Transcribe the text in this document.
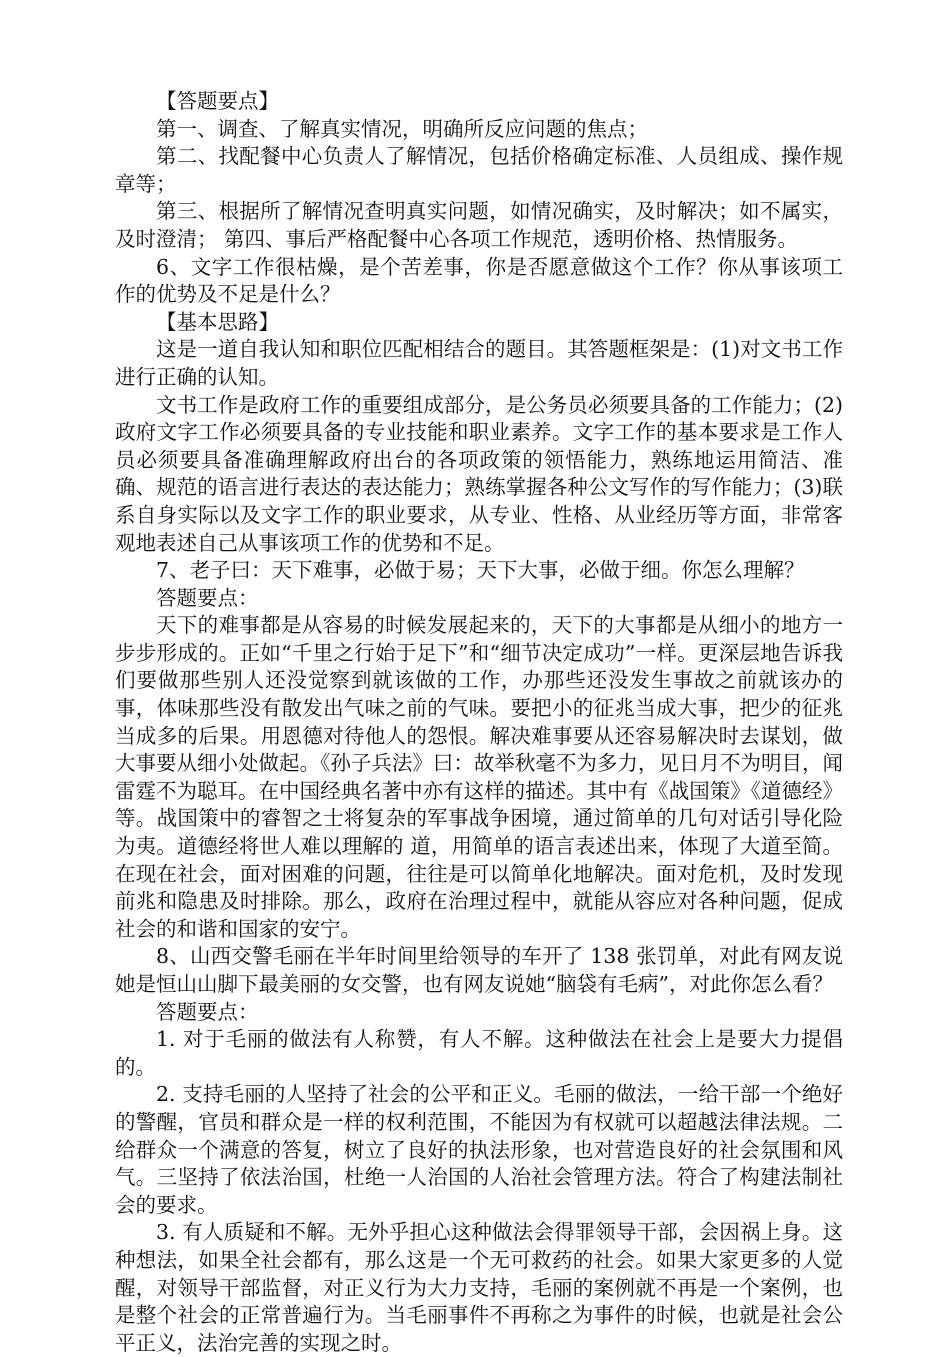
【答题要点】

第一、调查、了解真实情况，明确所反应问题的焦点；

第二、找配餐中心负责人了解情况，包括价格确定标准、人员组成、操作规章等；

第三、根据所了解情况查明真实问题，如情况确实，及时解决；如不属实，及时澄清； 第四、事后严格配餐中心各项工作规范，透明价格、热情服务。

6、文字工作很枯燥，是个苦差事，你是否愿意做这个工作？你从事该项工作的优势及不足是什么？

【基本思路】

这是一道自我认知和职位匹配相结合的题目。其答题框架是：(1)对文书工作进行正确的认知。

文书工作是政府工作的重要组成部分，是公务员必须要具备的工作能力；(2)政府文字工作必须要具备的专业技能和职业素养。文字工作的基本要求是工作人员必须要具备准确理解政府出台的各项政策的领悟能力，熟练地运用简洁、准确、规范的语言进行表达的表达能力；熟练掌握各种公文写作的写作能力；(3)联系自身实际以及文字工作的职业要求，从专业、性格、从业经历等方面，非常客观地表述自己从事该项工作的优势和不足。

7、老子曰：天下难事，必做于易；天下大事，必做于细。你怎么理解？

答题要点：

天下的难事都是从容易的时候发展起来的，天下的大事都是从细小的地方一步步形成的。正如“千里之行始于足下”和“细节决定成功”一样。更深层地告诉我们要做那些别人还没觉察到就该做的工作，办那些还没发生事故之前就该办的事，体味那些没有散发出气味之前的气味。要把小的征兆当成大事，把少的征兆当成多的后果。用恩德对待他人的怨恨。解决难事要从还容易解决时去谋划，做大事要从细小处做起。《孙子兵法》曰：故举秋毫不为多力，见日月不为明目，闻雷霆不为聪耳。在中国经典名著中亦有这样的描述。其中有《战国策》《道德经》等。战国策中的睿智之士将复杂的军事战争困境，通过简单的几句对话引导化险为夷。道德经将世人难以理解的 道，用简单的语言表述出来，体现了大道至简。在现在社会，面对困难的问题，往往是可以简单化地解决。面对危机，及时发现前兆和隐患及时排除。那么，政府在治理过程中，就能从容应对各种问题，促成社会的和谐和国家的安宁。

8、山西交警毛丽在半年时间里给领导的车开了 138 张罚单，对此有网友说她是恒山山脚下最美丽的女交警，也有网友说她“脑袋有毛病”，对此你怎么看？

答题要点：

1. 对于毛丽的做法有人称赞，有人不解。这种做法在社会上是要大力提倡的。

2. 支持毛丽的人坚持了社会的公平和正义。毛丽的做法，一给干部一个绝好的警醒，官员和群众是一样的权利范围，不能因为有权就可以超越法律法规。二给群众一个满意的答复，树立了良好的执法形象，也对营造良好的社会氛围和风气。三坚持了依法治国，杜绝一人治国的人治社会管理方法。符合了构建法制社会的要求。

3. 有人质疑和不解。无外乎担心这种做法会得罪领导干部，会因祸上身。这种想法，如果全社会都有，那么这是一个无可救药的社会。如果大家更多的人觉醒，对领导干部监督，对正义行为大力支持，毛丽的案例就不再是一个案例，也是整个社会的正常普遍行为。当毛丽事件不再称之为事件的时候，也就是社会公平正义，法治完善的实现之时。
